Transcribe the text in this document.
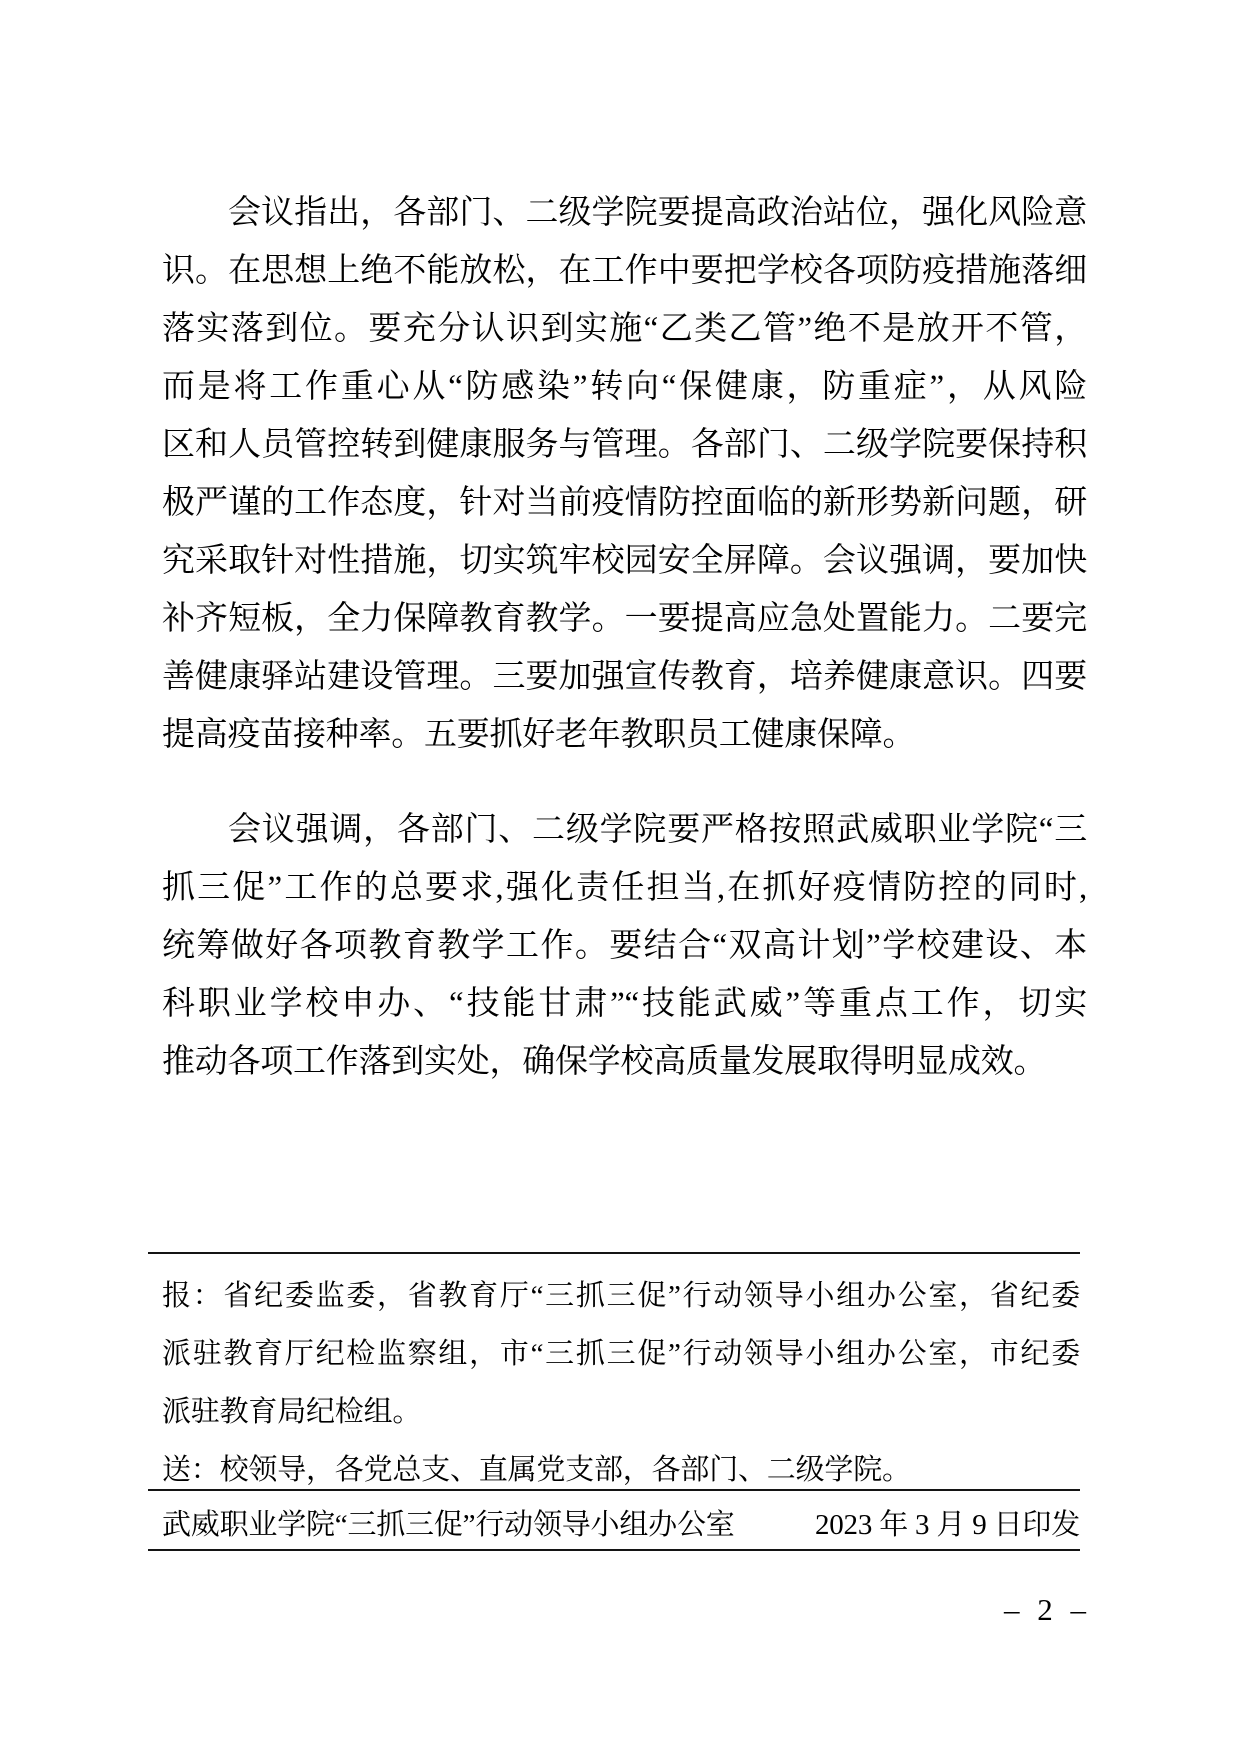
会议指出，各部门、二级学院要提高政治站位，强化风险意
识。在思想上绝不能放松，在工作中要把学校各项防疫措施落细
落实落到位。要充分认识到实施“乙类乙管”绝不是放开不管，
而是将工作重心从“防感染”转向“保健康，防重症”，从风险
区和人员管控转到健康服务与管理。各部门、二级学院要保持积
极严谨的工作态度，针对当前疫情防控面临的新形势新问题，研
究采取针对性措施，切实筑牢校园安全屏障。会议强调，要加快
补齐短板，全力保障教育教学。一要提高应急处置能力。二要完
善健康驿站建设管理。三要加强宣传教育，培养健康意识。四要
提高疫苗接种率。五要抓好老年教职员工健康保障。
会议强调，各部门、二级学院要严格按照武威职业学院“三
抓三促”工作的总要求,强化责任担当,在抓好疫情防控的同时,
统筹做好各项教育教学工作。要结合“双高计划”学校建设、本
科职业学校申办、“技能甘肃”“技能武威”等重点工作，切实
推动各项工作落到实处，确保学校高质量发展取得明显成效。
报：省纪委监委，省教育厅“三抓三促”行动领导小组办公室，省纪委
派驻教育厅纪检监察组，市“三抓三促”行动领导小组办公室，市纪委
派驻教育局纪检组。
送：校领导，各党总支、直属党支部，各部门、二级学院。
武威职业学院“三抓三促”行动领导小组办公室	2023 年 3 月 9 日印发
– 2 –
